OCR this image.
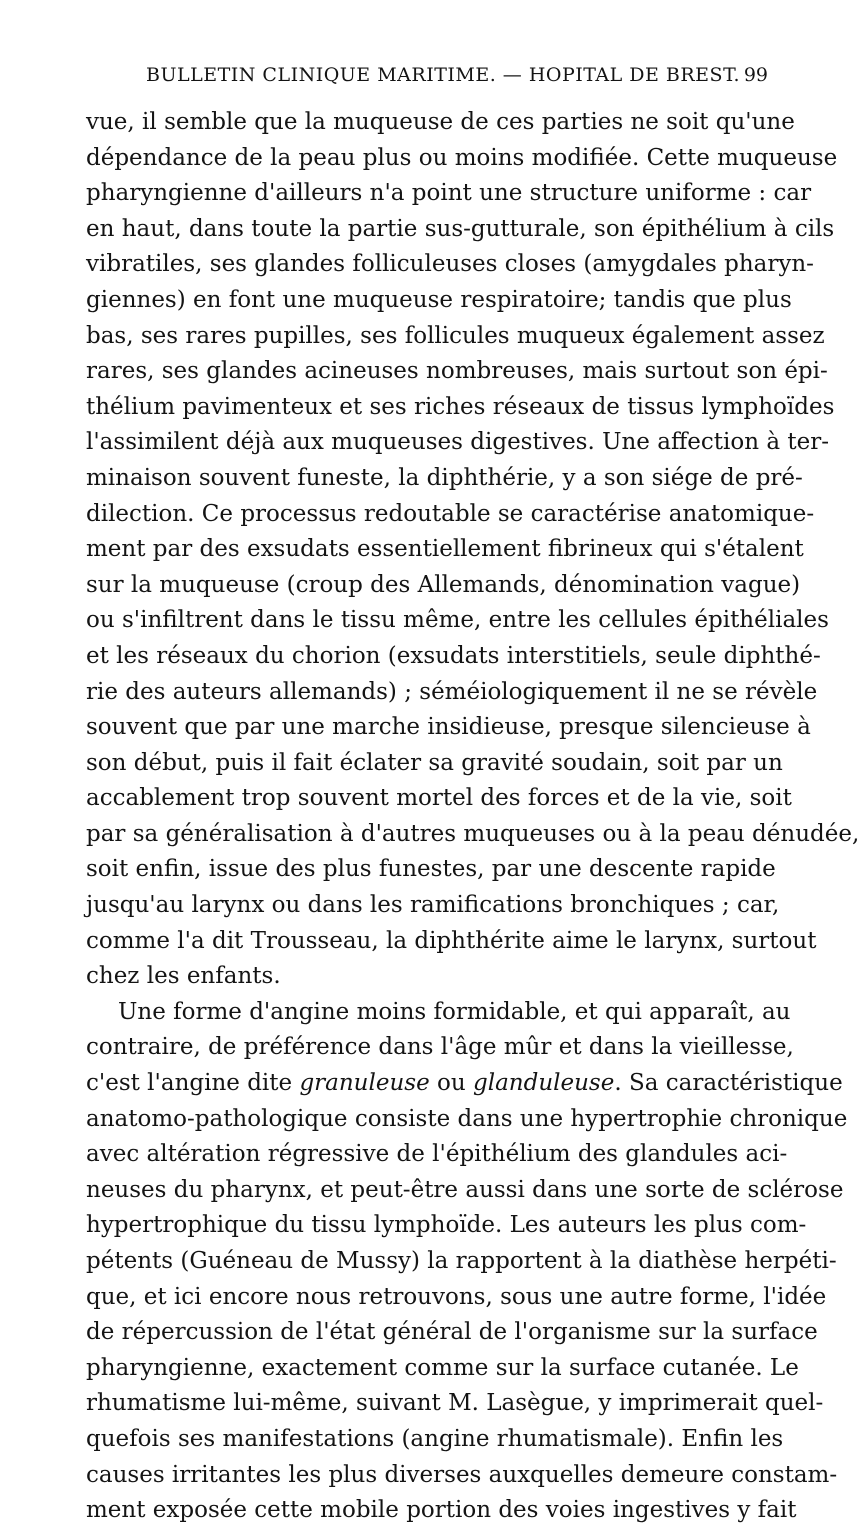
BULLETIN CLINIQUE MARITIME. — HOPITAL DE BREST. 99
vue, il semble que la muqueuse de ces parties ne soit qu'une
dépendance de la peau plus ou moins modifiée. Cette muqueuse
pharyngienne d'ailleurs n'a point une structure uniforme : car
en haut, dans toute la partie sus-gutturale, son épithélium à cils
vibratiles, ses glandes folliculeuses closes (amygdales pharyn-
giennes) en font une muqueuse respiratoire; tandis que plus
bas, ses rares pupilles, ses follicules muqueux également assez
rares, ses glandes acineuses nombreuses, mais surtout son épi-
thélium pavimenteux et ses riches réseaux de tissus lymphoïdes
l'assimilent déjà aux muqueuses digestives. Une affection à ter-
minaison souvent funeste, la diphthérie, y a son siége de pré-
dilection. Ce processus redoutable se caractérise anatomique-
ment par des exsudats essentiellement fibrineux qui s'étalent
sur la muqueuse (croup des Allemands, dénomination vague)
ou s'infiltrent dans le tissu même, entre les cellules épithéliales
et les réseaux du chorion (exsudats interstitiels, seule diphthé-
rie des auteurs allemands) ; séméiologiquement il ne se révèle
souvent que par une marche insidieuse, presque silencieuse à
son début, puis il fait éclater sa gravité soudain, soit par un
accablement trop souvent mortel des forces et de la vie, soit
par sa généralisation à d'autres muqueuses ou à la peau dénudée,
soit enfin, issue des plus funestes, par une descente rapide
jusqu'au larynx ou dans les ramifications bronchiques ; car,
comme l'a dit Trousseau, la diphthérite aime le larynx, surtout
chez les enfants.
Une forme d'angine moins formidable, et qui apparaît, au
contraire, de préférence dans l'âge mûr et dans la vieillesse,
c'est l'angine dite granuleuse ou glanduleuse. Sa caractéristique
anatomo-pathologique consiste dans une hypertrophie chronique
avec altération régressive de l'épithélium des glandules aci-
neuses du pharynx, et peut-être aussi dans une sorte de sclérose
hypertrophique du tissu lymphoïde. Les auteurs les plus com-
pétents (Guéneau de Mussy) la rapportent à la diathèse herpéti-
que, et ici encore nous retrouvons, sous une autre forme, l'idée
de répercussion de l'état général de l'organisme sur la surface
pharyngienne, exactement comme sur la surface cutanée. Le
rhumatisme lui-même, suivant M. Lasègue, y imprimerait quel-
quefois ses manifestations (angine rhumatismale). Enfin les
causes irritantes les plus diverses auxquelles demeure constam-
ment exposée cette mobile portion des voies ingestives y fait
